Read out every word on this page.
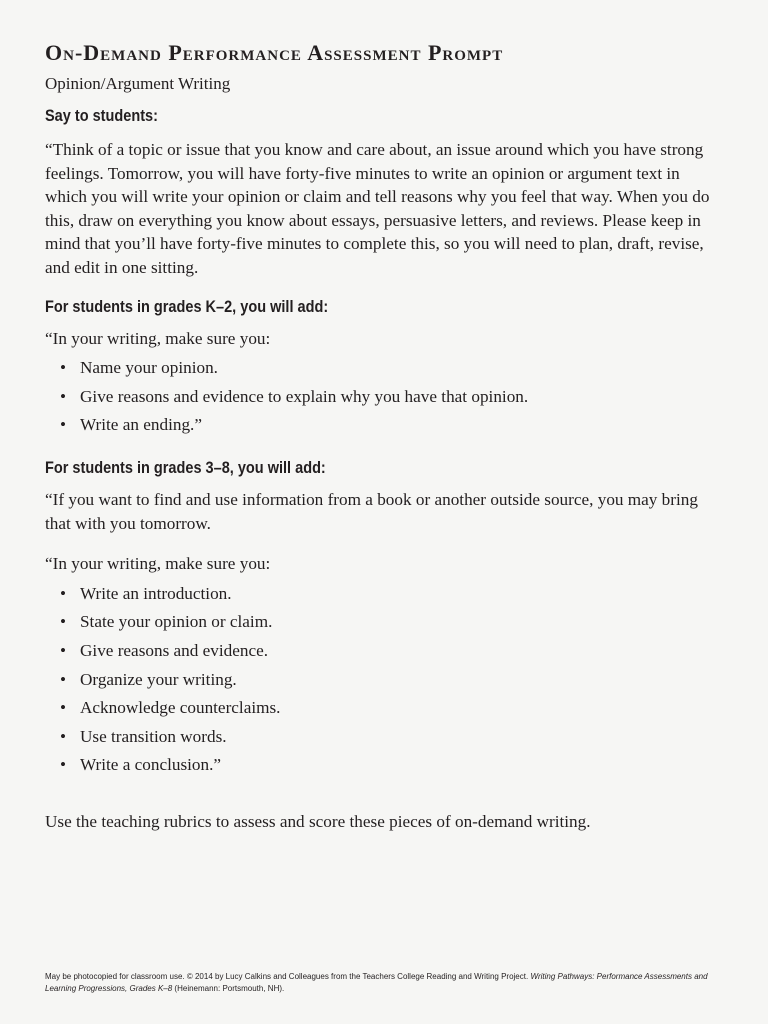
On-Demand Performance Assessment Prompt
Opinion/Argument Writing
Say to students:

“Think of a topic or issue that you know and care about, an issue around which you have strong feelings. Tomorrow, you will have forty-five minutes to write an opinion or argument text in which you will write your opinion or claim and tell reasons why you feel that way. When you do this, draw on everything you know about essays, persuasive letters, and reviews. Please keep in mind that you’ll have forty-five minutes to complete this, so you will need to plan, draft, revise, and edit in one sitting.

For students in grades K–2, you will add:

“In your writing, make sure you:

• Name your opinion.
• Give reasons and evidence to explain why you have that opinion.
• Write an ending.”
For students in grades 3–8, you will add:

“If you want to find and use information from a book or another outside source, you may bring that with you tomorrow.

“In your writing, make sure you:

• Write an introduction.
• State your opinion or claim.
• Give reasons and evidence.
• Organize your writing.
• Acknowledge counterclaims.
• Use transition words.
• Write a conclusion.”

Use the teaching rubrics to assess and score these pieces of on-demand writing.

May be photocopied for classroom use. © 2014 by Lucy Calkins and Colleagues from the Teachers College Reading and Writing Project. Writing Pathways: Performance Assessments and Learning Progressions, Grades K–8 (Heinemann: Portsmouth, NH).
